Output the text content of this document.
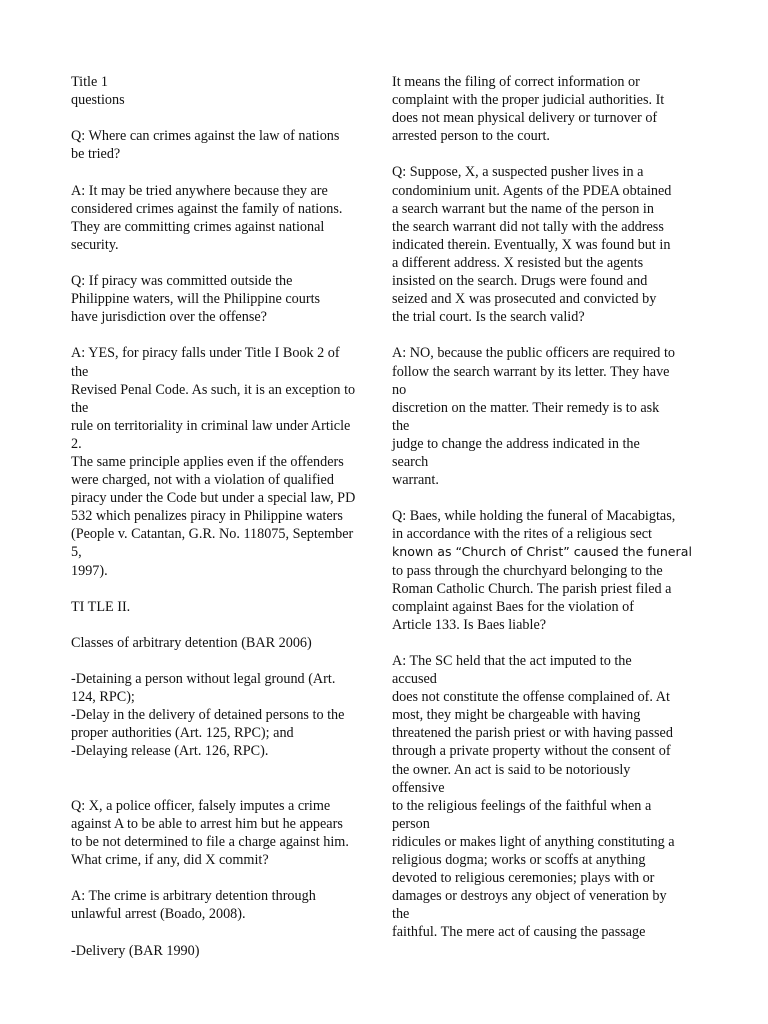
Title 1
questions
Q: Where can crimes against the law of nations
be tried?
A: It may be tried anywhere because they are
considered crimes against the family of nations.
They are committing crimes against national
security.
Q: If piracy was committed outside the
Philippine waters, will the Philippine courts
have jurisdiction over the offense?
A: YES, for piracy falls under Title I Book 2 of
the
Revised Penal Code. As such, it is an exception to
the
rule on territoriality in criminal law under Article
2.
The same principle applies even if the offenders
were charged, not with a violation of qualified
piracy under the Code but under a special law, PD
532 which penalizes piracy in Philippine waters
(People v. Catantan, G.R. No. 118075, September
5,
1997).
TI TLE II.
Classes of arbitrary detention (BAR 2006)
-Detaining a person without legal ground (Art.
124, RPC);
-Delay in the delivery of detained persons to the
proper authorities (Art. 125, RPC); and
-Delaying release (Art. 126, RPC).
Q: X, a police officer, falsely imputes a crime
against A to be able to arrest him but he appears
to be not determined to file a charge against him.
What crime, if any, did X commit?
A: The crime is arbitrary detention through
unlawful arrest (Boado, 2008).
-Delivery (BAR 1990)
It means the filing of correct information or
complaint with the proper judicial authorities. It
does not mean physical delivery or turnover of
arrested person to the court.
Q: Suppose, X, a suspected pusher lives in a
condominium unit. Agents of the PDEA obtained
a search warrant but the name of the person in
the search warrant did not tally with the address
indicated therein. Eventually, X was found but in
a different address. X resisted but the agents
insisted on the search. Drugs were found and
seized and X was prosecuted and convicted by
the trial court. Is the search valid?
A: NO, because the public officers are required to
follow the search warrant by its letter. They have
no
discretion on the matter. Their remedy is to ask
the
judge to change the address indicated in the
search
warrant.
Q: Baes, while holding the funeral of Macabigtas,
in accordance with the rites of a religious sect
known as “Church of Christ” caused the funeral
to pass through the churchyard belonging to the
Roman Catholic Church. The parish priest filed a
complaint against Baes for the violation of
Article 133. Is Baes liable?
A: The SC held that the act imputed to the
accused
does not constitute the offense complained of. At
most, they might be chargeable with having
threatened the parish priest or with having passed
through a private property without the consent of
the owner. An act is said to be notoriously
offensive
to the religious feelings of the faithful when a
person
ridicules or makes light of anything constituting a
religious dogma; works or scoffs at anything
devoted to religious ceremonies; plays with or
damages or destroys any object of veneration by
the
faithful. The mere act of causing the passage
